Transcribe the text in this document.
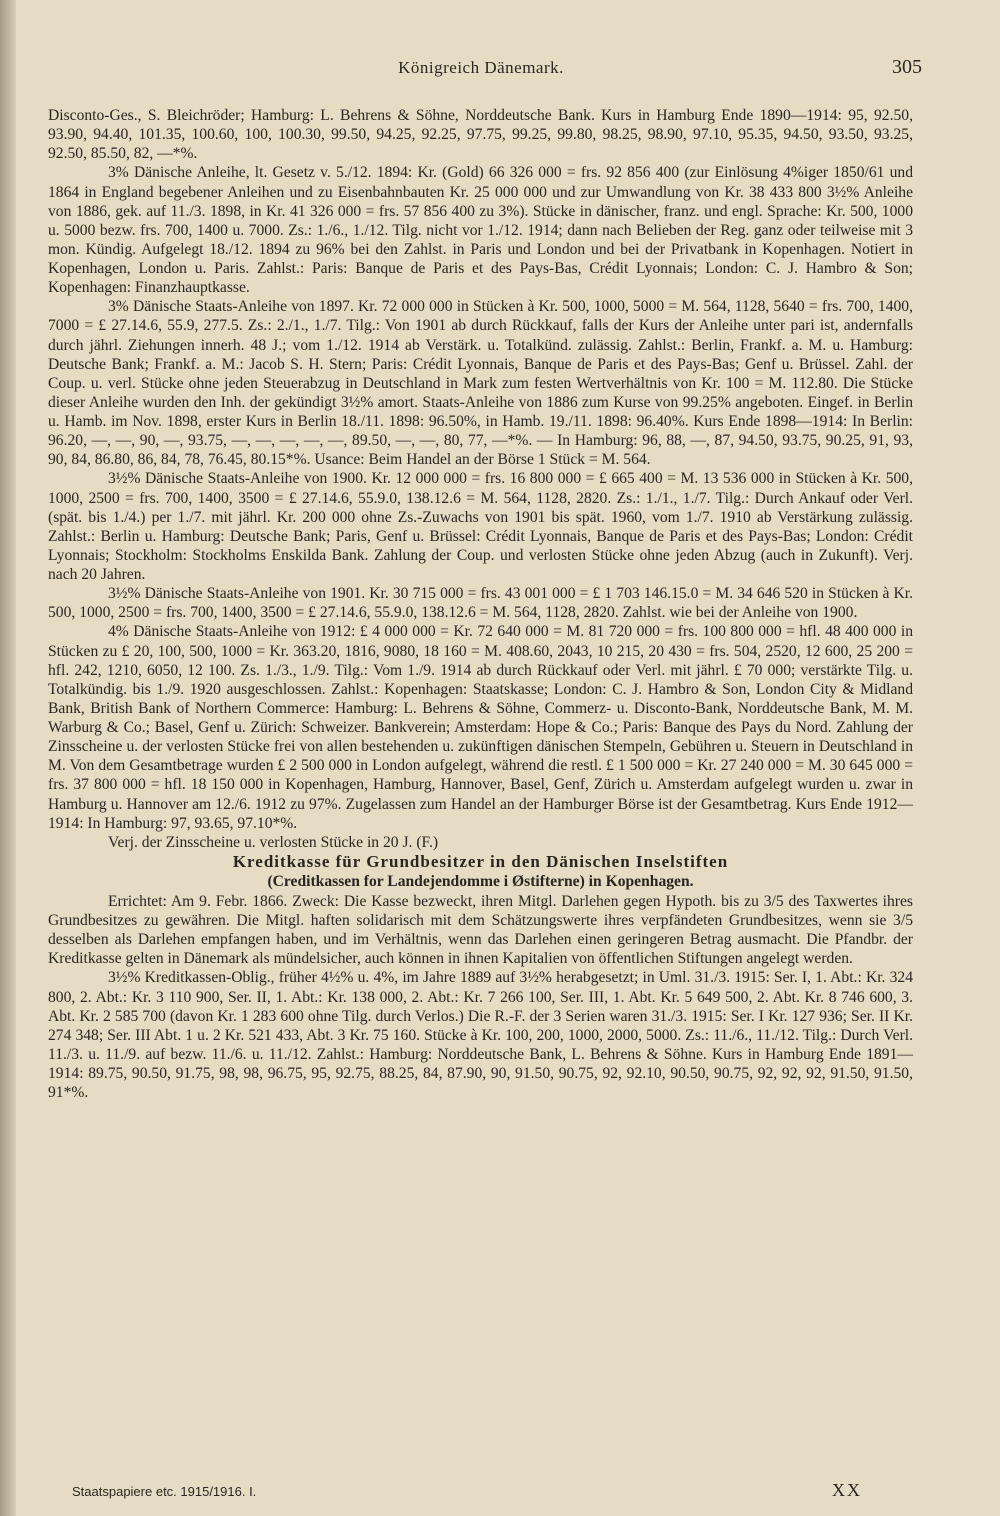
Königreich Dänemark.	305

Disconto-Ges., S. Bleichröder; Hamburg: L. Behrens & Söhne, Norddeutsche Bank. Kurs in Hamburg Ende 1890—1914: 95, 92.50, 93.90, 94.40, 101.35, 100.60, 100, 100.30, 99.50, 94.25, 92.25, 97.75, 99.25, 99.80, 98.25, 98.90, 97.10, 95.35, 94.50, 93.50, 93.25, 92.50, 85.50, 82, —*%.

3% Dänische Anleihe, lt. Gesetz v. 5./12. 1894: Kr. (Gold) 66 326 000 = frs. 92 856 400 (zur Einlösung 4%iger 1850/61 und 1864 in England begebener Anleihen und zu Eisenbahnbauten Kr. 25 000 000 und zur Umwandlung von Kr. 38 433 800 3½% Anleihe von 1886, gek. auf 11./3. 1898, in Kr. 41 326 000 = frs. 57 856 400 zu 3%). Stücke in dänischer, franz. und engl. Sprache: Kr. 500, 1000 u. 5000 bezw. frs. 700, 1400 u. 7000. Zs.: 1./6., 1./12. Tilg. nicht vor 1./12. 1914; dann nach Belieben der Reg. ganz oder teilweise mit 3 mon. Kündig. Aufgelegt 18./12. 1894 zu 96% bei den Zahlst. in Paris und London und bei der Privatbank in Kopenhagen. Notiert in Kopenhagen, London u. Paris. Zahlst.: Paris: Banque de Paris et des Pays-Bas, Crédit Lyonnais; London: C. J. Hambro & Son; Kopenhagen: Finanzhauptkasse.

3% Dänische Staats-Anleihe von 1897. Kr. 72 000 000 in Stücken à Kr. 500, 1000, 5000 = M. 564, 1128, 5640 = frs. 700, 1400, 7000 = £ 27.14.6, 55.9, 277.5. Zs.: 2./1., 1./7. Tilg.: Von 1901 ab durch Rückkauf, falls der Kurs der Anleihe unter pari ist, andernfalls durch jährl. Ziehungen innerh. 48 J.; vom 1./12. 1914 ab Verstärk. u. Totalkünd. zulässig. Zahlst.: Berlin, Frankf. a. M. u. Hamburg: Deutsche Bank; Frankf. a. M.: Jacob S. H. Stern; Paris: Crédit Lyonnais, Banque de Paris et des Pays-Bas; Genf u. Brüssel. Zahl. der Coup. u. verl. Stücke ohne jeden Steuerabzug in Deutschland in Mark zum festen Wertverhältnis von Kr. 100 = M. 112.80. Die Stücke dieser Anleihe wurden den Inh. der gekündigt 3½% amort. Staats-Anleihe von 1886 zum Kurse von 99.25% angeboten. Eingef. in Berlin u. Hamb. im Nov. 1898, erster Kurs in Berlin 18./11. 1898: 96.50%, in Hamb. 19./11. 1898: 96.40%. Kurs Ende 1898—1914: In Berlin: 96.20, —, —, 90, —, 93.75, —, —, —, —, —, 89.50, —, —, 80, 77, —*%. — In Hamburg: 96, 88, —, 87, 94.50, 93.75, 90.25, 91, 93, 90, 84, 86.80, 86, 84, 78, 76.45, 80.15*%. Usance: Beim Handel an der Börse 1 Stück = M. 564.

3½% Dänische Staats-Anleihe von 1900. Kr. 12 000 000 = frs. 16 800 000 = £ 665 400 = M. 13 536 000 in Stücken à Kr. 500, 1000, 2500 = frs. 700, 1400, 3500 = £ 27.14.6, 55.9.0, 138.12.6 = M. 564, 1128, 2820. Zs.: 1./1., 1./7. Tilg.: Durch Ankauf oder Verl. (spät. bis 1./4.) per 1./7. mit jährl. Kr. 200 000 ohne Zs.-Zuwachs von 1901 bis spät. 1960, vom 1./7. 1910 ab Verstärkung zulässig. Zahlst.: Berlin u. Hamburg: Deutsche Bank; Paris, Genf u. Brüssel: Crédit Lyonnais, Banque de Paris et des Pays-Bas; London: Crédit Lyonnais; Stockholm: Stockholms Enskilda Bank. Zahlung der Coup. und verlosten Stücke ohne jeden Abzug (auch in Zukunft). Verj. nach 20 Jahren.

3½% Dänische Staats-Anleihe von 1901. Kr. 30 715 000 = frs. 43 001 000 = £ 1 703 146.15.0 = M. 34 646 520 in Stücken à Kr. 500, 1000, 2500 = frs. 700, 1400, 3500 = £ 27.14.6, 55.9.0, 138.12.6 = M. 564, 1128, 2820. Zahlst. wie bei der Anleihe von 1900.

4% Dänische Staats-Anleihe von 1912: £ 4 000 000 = Kr. 72 640 000 = M. 81 720 000 = frs. 100 800 000 = hfl. 48 400 000 in Stücken zu £ 20, 100, 500, 1000 = Kr. 363.20, 1816, 9080, 18 160 = M. 408.60, 2043, 10 215, 20 430 = frs. 504, 2520, 12 600, 25 200 = hfl. 242, 1210, 6050, 12 100. Zs. 1./3., 1./9. Tilg.: Vom 1./9. 1914 ab durch Rückkauf oder Verl. mit jährl. £ 70 000; verstärkte Tilg. u. Totalkündig. bis 1./9. 1920 ausgeschlossen. Zahlst.: Kopenhagen: Staatskasse; London: C. J. Hambro & Son, London City & Midland Bank, British Bank of Northern Commerce: Hamburg: L. Behrens & Söhne, Commerz- u. Disconto-Bank, Norddeutsche Bank, M. M. Warburg & Co.; Basel, Genf u. Zürich: Schweizer. Bankverein; Amsterdam: Hope & Co.; Paris: Banque des Pays du Nord. Zahlung der Zinsscheine u. der verlosten Stücke frei von allen bestehenden u. zukünftigen dänischen Stempeln, Gebühren u. Steuern in Deutschland in M. Von dem Gesamtbetrage wurden £ 2 500 000 in London aufgelegt, während die restl. £ 1 500 000 = Kr. 27 240 000 = M. 30 645 000 = frs. 37 800 000 = hfl. 18 150 000 in Kopenhagen, Hamburg, Hannover, Basel, Genf, Zürich u. Amsterdam aufgelegt wurden u. zwar in Hamburg u. Hannover am 12./6. 1912 zu 97%. Zugelassen zum Handel an der Hamburger Börse ist der Gesamtbetrag. Kurs Ende 1912—1914: In Hamburg: 97, 93.65, 97.10*%.

Verj. der Zinsscheine u. verlosten Stücke in 20 J. (F.)

Kreditkasse für Grundbesitzer in den Dänischen Inselstiften

(Creditkassen for Landejendomme i Østifterne) in Kopenhagen.

Errichtet: Am 9. Febr. 1866. Zweck: Die Kasse bezweckt, ihren Mitgl. Darlehen gegen Hypoth. bis zu 3/5 des Taxwertes ihres Grundbesitzes zu gewähren. Die Mitgl. haften solidarisch mit dem Schätzungswerte ihres verpfändeten Grundbesitzes, wenn sie 3/5 desselben als Darlehen empfangen haben, und im Verhältnis, wenn das Darlehen einen geringeren Betrag ausmacht. Die Pfandbr. der Kreditkasse gelten in Dänemark als mündelsicher, auch können in ihnen Kapitalien von öffentlichen Stiftungen angelegt werden.

3½% Kreditkassen-Oblig., früher 4½% u. 4%, im Jahre 1889 auf 3½% herabgesetzt; in Uml. 31./3. 1915: Ser. I, 1. Abt.: Kr. 324 800, 2. Abt.: Kr. 3 110 900, Ser. II, 1. Abt.: Kr. 138 000, 2. Abt.: Kr. 7 266 100, Ser. III, 1. Abt. Kr. 5 649 500, 2. Abt. Kr. 8 746 600, 3. Abt. Kr. 2 585 700 (davon Kr. 1 283 600 ohne Tilg. durch Verlos.) Die R.-F. der 3 Serien waren 31./3. 1915: Ser. I Kr. 127 936; Ser. II Kr. 274 348; Ser. III Abt. 1 u. 2 Kr. 521 433, Abt. 3 Kr. 75 160. Stücke à Kr. 100, 200, 1000, 2000, 5000. Zs.: 11./6., 11./12. Tilg.: Durch Verl. 11./3. u. 11./9. auf bezw. 11./6. u. 11./12. Zahlst.: Hamburg: Norddeutsche Bank, L. Behrens & Söhne. Kurs in Hamburg Ende 1891—1914: 89.75, 90.50, 91.75, 98, 98, 96.75, 95, 92.75, 88.25, 84, 87.90, 90, 91.50, 90.75, 92, 92.10, 90.50, 90.75, 92, 92, 92, 91.50, 91.50, 91*%.

Staatspapiere etc. 1915/1916. I.	XX
